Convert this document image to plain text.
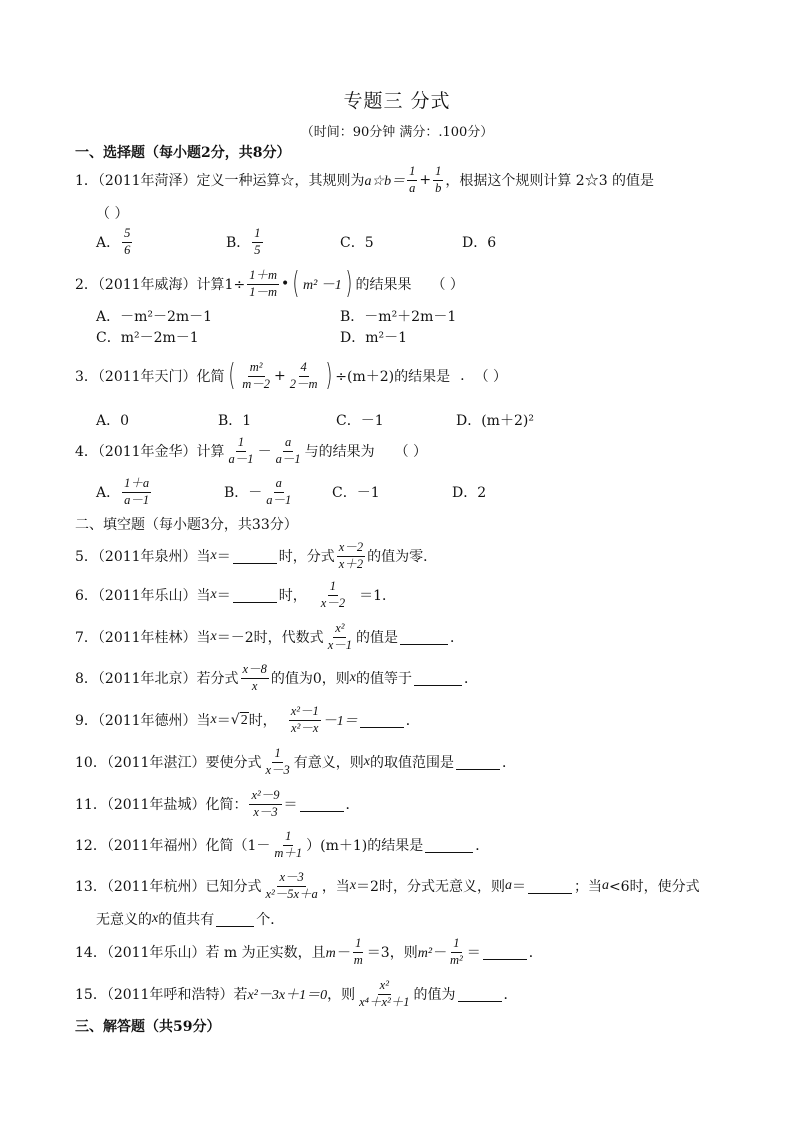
专题三 分式
（时间：90分钟 满分：.100分）
一、选择题（每小题2分，共8分）
1．（2011年菏泽）定义一种运算☆，其规则为 a☆b＝ $\frac{1}{a} + \frac{1}{b}$ ，根据这个规则计算 2☆3 的值是
（ ）
A． $\frac{5}{6}$	B． $\frac{1}{5}$	C．5	D．6
2．（2011年威海）计算$1\div \frac{1+m}{1-m}$ • ( m² －1 ) 的结果果 （ ）
A．－m²－2m－1	B．－m²＋2m－1
C．m²－2m－1	D．m²－1
3．（2011年天门）化简 ( $\frac{\text{m²}}{m-2} + \frac{4}{2-m}$ ) ÷(m＋2)的结果是 . （ ）
A．0	B．1	C．－1	D．(m＋2)²
4．（2011年金华）计算 $\frac{1}{a-1} - \frac{a}{a-1}$ 与的结果为 （ ）
A． $\frac{1+a}{a-1}$	B．－ $\frac{a}{a-1}$	C．－1	D．2
二、填空题（每小题3分，共33分）
5．（2011年泉州）当 x ＝	时，分式 $\frac{x-2}{x+2}$ 的值为零．
6．（2011年乐山）当 x ＝	时， $\frac{1}{x-2} =1$．
7．（2011年桂林）当 x ＝－2时，代数式 $\frac{\text{x²}}{x-1}$ 的值是	．
8．（2011年北京）若分式 $\frac{x-8}{x}$ 的值为0，则 x 的值等于	．
9．（2011年德州）当 x ＝ √ 2 时， $\frac{\text{x²－1}}{\text{x²－x}} -1=$	．
10．（2011年湛江）要使分式 $\frac{1}{x-3}$ 有意义，则 x 的取值范围是	．
11．（2011年盐城）化简： $\frac{\text{x²－9}}{x-3}$ ＝	．
12．（2011年福州）化简$(1- \frac{1}{m+1} )(m+1)$的结果是	．
13．（2011年杭州）已知分式 $\frac{x-3}{\text{x²－5x＋a}}$ ，当 x ＝2时，分式无意义，则 a ＝	；当 a <6时，使分式
无意义的 x 的值共有	个．
14．（2011年乐山）若 m 为正实数，且 $m- \frac{1}{m} =3$，则 $m^2- \frac{1}{\text{m²}}$ ＝	．
15．（2011年呼和浩特）若 x²－3x＋1＝0 ，则 $\frac{\text{x²}}{\text{x⁴＋x²＋1}}$ 的值为	．
三、解答题（共59分）
